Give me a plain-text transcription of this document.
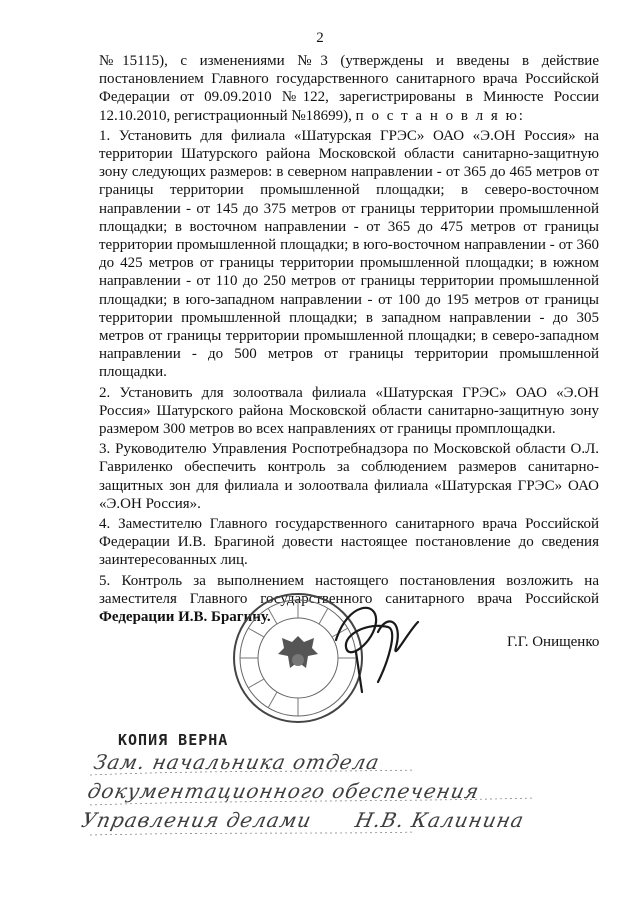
2

№15115), с изменениями №3 (утверждены и введены в действие постановлением Главного государственного санитарного врача Российской Федерации от 09.09.2010 №122, зарегистрированы в Минюсте России 12.10.2010, регистрационный №18699), п о с т а н о в л я ю:

1. Установить для филиала «Шатурская ГРЭС» ОАО «Э.ОН Россия» на территории Шатурского района Московской области санитарно-защитную зону следующих размеров: в северном направлении - от 365 до 465 метров от границы территории промышленной площадки; в северо-восточном направлении - от 145 до 375 метров от границы территории промышленной площадки; в восточном направлении - от 365 до 475 метров от границы территории промышленной площадки; в юго-восточном направлении - от 360 до 425 метров от границы территории промышленной площадки; в южном направлении - от 110 до 250 метров от границы территории промышленной площадки; в юго-западном направлении - от 100 до 195 метров от границы территории промышленной площадки; в западном направлении - до 305 метров от границы территории промышленной площадки; в северо-западном направлении - до 500 метров от границы территории промышленной площадки.

2. Установить для золоотвала филиала «Шатурская ГРЭС» ОАО «Э.ОН Россия» Шатурского района Московской области санитарно-защитную зону размером 300 метров во всех направлениях от границы промплощадки.

3. Руководителю Управления Роспотребнадзора по Московской области О.Л. Гавриленко обеспечить контроль за соблюдением размеров санитарно-защитных зон для филиала и золоотвала филиала «Шатурская ГРЭС» ОАО «Э.ОН Россия».

4. Заместителю Главного государственного санитарного врача Российской Федерации И.В. Брагиной довести настоящее постановление до сведения заинтересованных лиц.

5. Контроль за выполнением настоящего постановления возложить на заместителя Главного государственного санитарного врача Российской Федерации И.В. Брагину.

Г.Г. Онищенко
КОПИЯ ВЕРНА
Зам. начальника отдела
документационного обеспечения
Управления делами Н.В. Калинина
